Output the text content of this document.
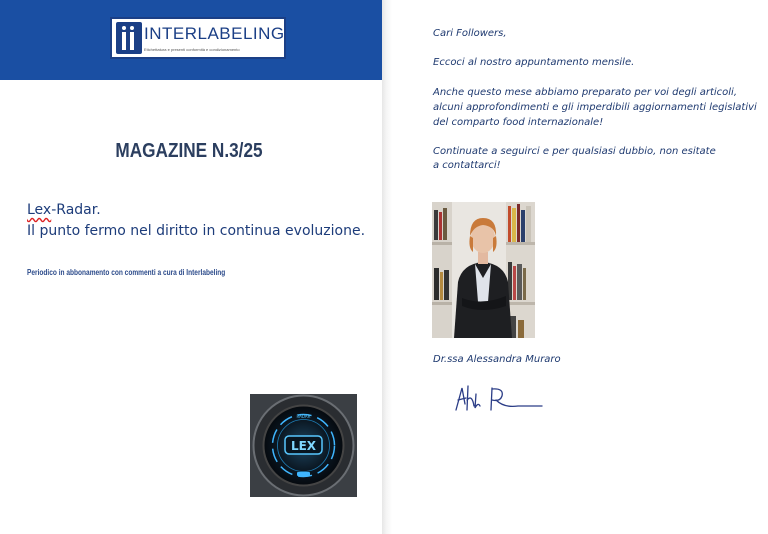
INTERLABELING
Etichettatura e presenti conformità e condizionamento
MAGAZINE N.3/25
Lex-Radar.
Il punto fermo nel diritto in continua evoluzione.
Periodico in abbonamento con commenti a cura di Interlabeling
LEX
RADAR
Cari Followers,
Eccoci al nostro appuntamento mensile.
Anche questo mese abbiamo preparato per voi degli articoli,
alcuni approfondimenti e gli imperdibili aggiornamenti legislativi
del comparto food internazionale!
Continuate a seguirci e per qualsiasi dubbio, non esitate
a contattarci!
Dr.ssa Alessandra Muraro
